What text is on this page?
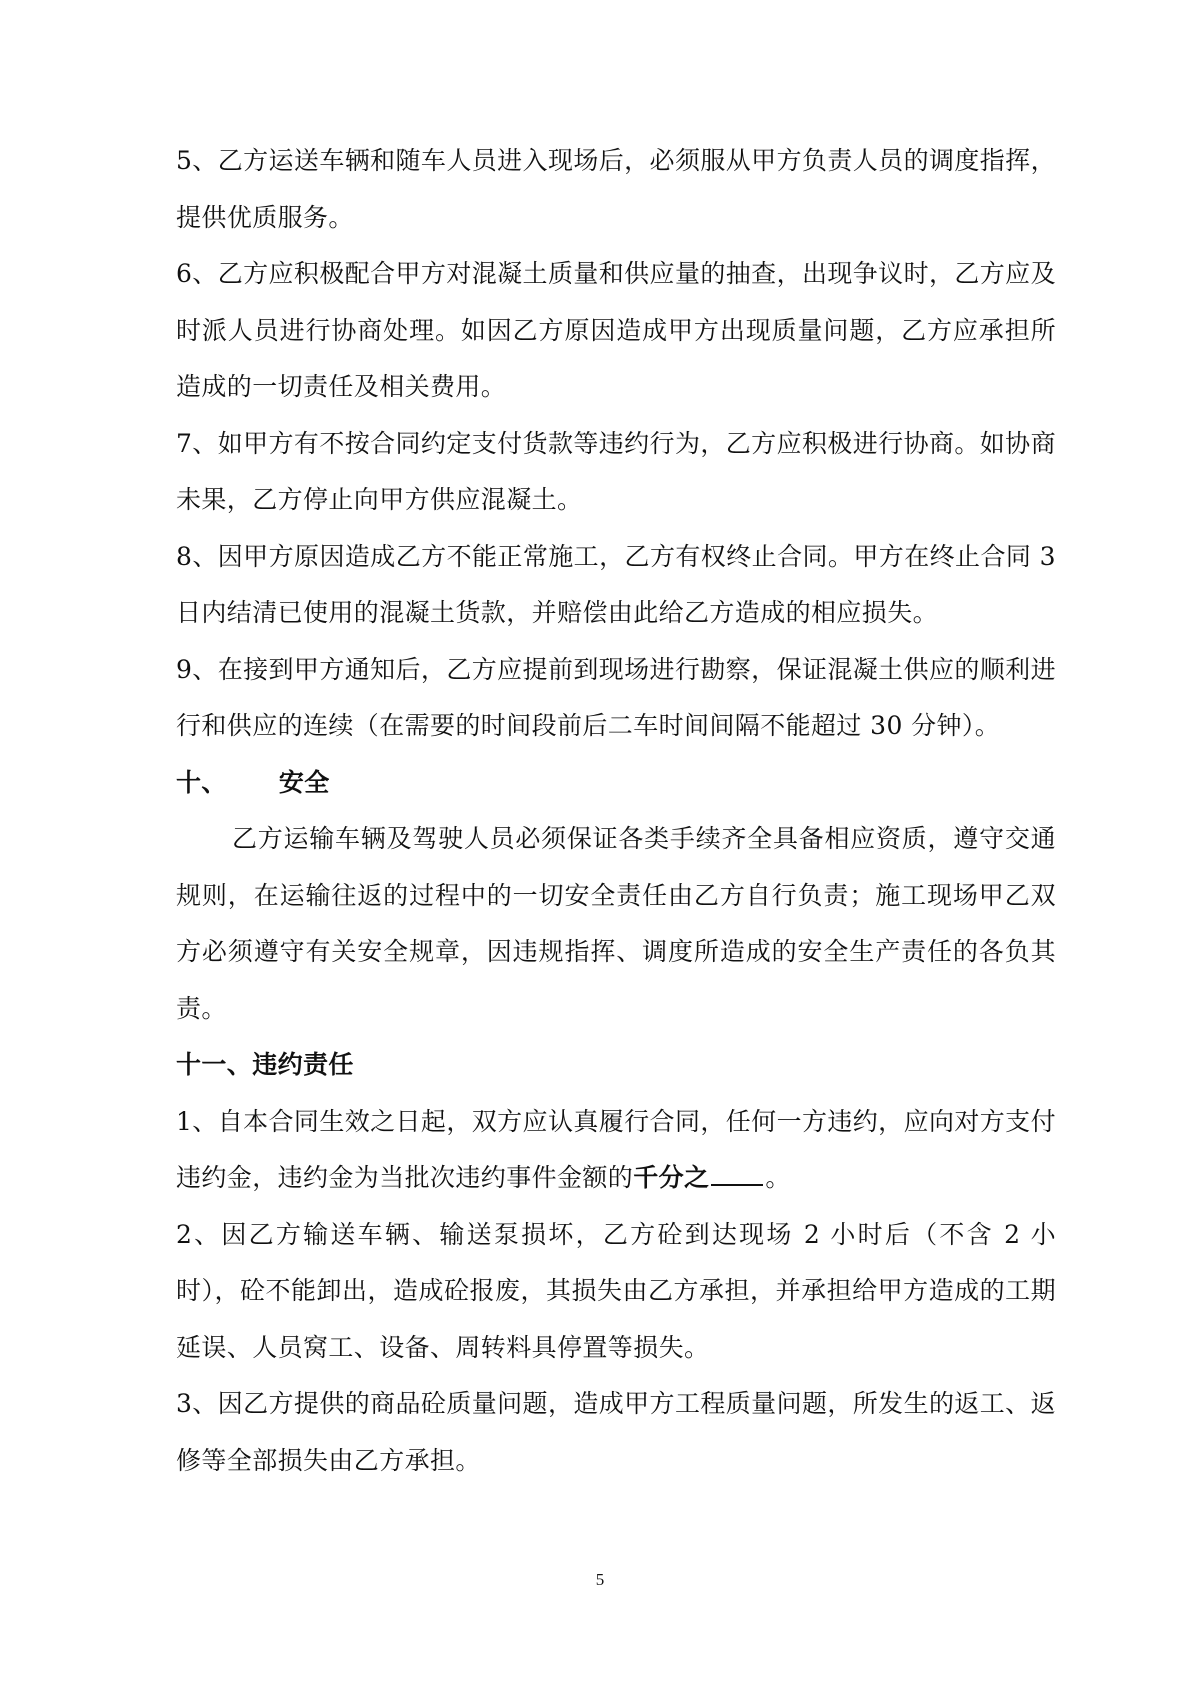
5、乙方运送车辆和随车人员进入现场后，必须服从甲方负责人员的调度指挥，提供优质服务。

6、乙方应积极配合甲方对混凝土质量和供应量的抽查，出现争议时，乙方应及时派人员进行协商处理。如因乙方原因造成甲方出现质量问题，乙方应承担所造成的一切责任及相关费用。

7、如甲方有不按合同约定支付货款等违约行为，乙方应积极进行协商。如协商未果，乙方停止向甲方供应混凝土。

8、因甲方原因造成乙方不能正常施工，乙方有权终止合同。甲方在终止合同 3 日内结清已使用的混凝土货款，并赔偿由此给乙方造成的相应损失。

9、在接到甲方通知后，乙方应提前到现场进行勘察，保证混凝土供应的顺利进行和供应的连续（在需要的时间段前后二车时间间隔不能超过 30 分钟）。

十、 安全

乙方运输车辆及驾驶人员必须保证各类手续齐全具备相应资质，遵守交通规则，在运输往返的过程中的一切安全责任由乙方自行负责；施工现场甲乙双方必须遵守有关安全规章，因违规指挥、调度所造成的安全生产责任的各负其责。

十一、违约责任

1、自本合同生效之日起，双方应认真履行合同，任何一方违约，应向对方支付违约金，违约金为当批次违约事件金额的千分之 。

2、因乙方输送车辆、输送泵损坏，乙方砼到达现场 2 小时后（不含 2 小时），砼不能卸出，造成砼报废，其损失由乙方承担，并承担给甲方造成的工期延误、人员窝工、设备、周转料具停置等损失。

3、因乙方提供的商品砼质量问题，造成甲方工程质量问题，所发生的返工、返修等全部损失由乙方承担。

5
